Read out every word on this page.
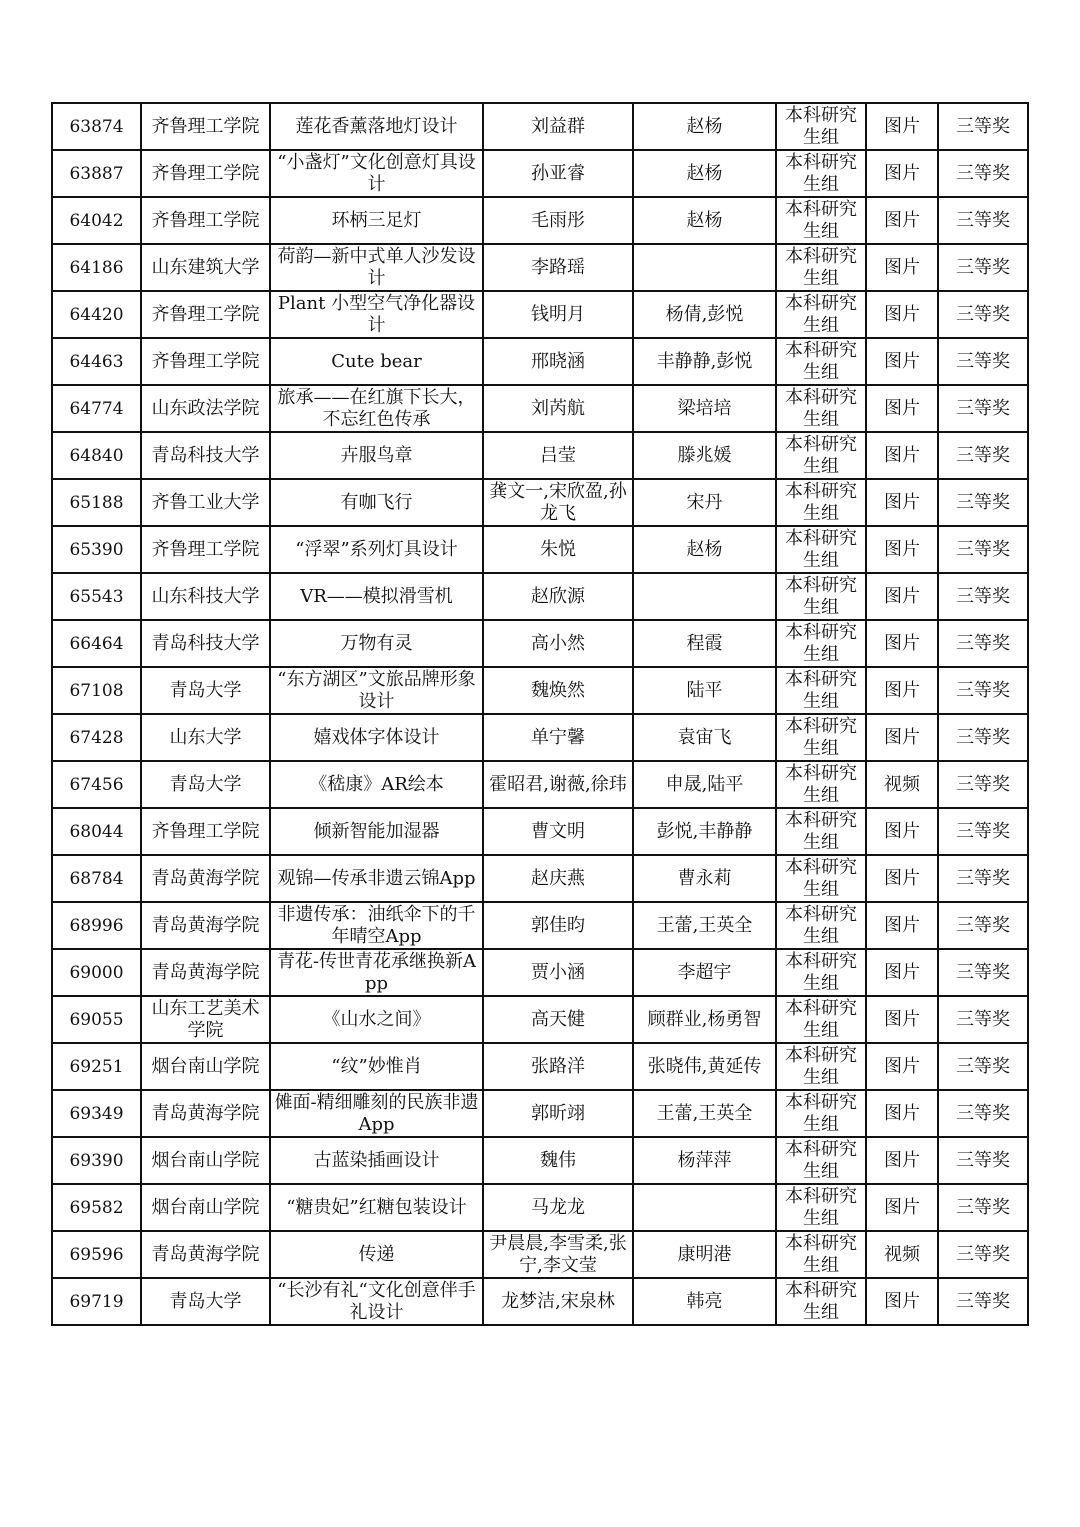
63874	齐鲁理工学院	莲花香薰落地灯设计	刘益群	赵杨	本科研究生组	图片	三等奖
63887	齐鲁理工学院	“小盏灯”文化创意灯具设计	孙亚睿	赵杨	本科研究生组	图片	三等奖
64042	齐鲁理工学院	环柄三足灯	毛雨彤	赵杨	本科研究生组	图片	三等奖
64186	山东建筑大学	荷韵—新中式单人沙发设计	李路瑶		本科研究生组	图片	三等奖
64420	齐鲁理工学院	Plant 小型空气净化器设计	钱明月	杨倩,彭悦	本科研究生组	图片	三等奖
64463	齐鲁理工学院	Cute bear	邢晓涵	丰静静,彭悦	本科研究生组	图片	三等奖
64774	山东政法学院	旅承——在红旗下长大，不忘红色传承	刘芮航	梁培培	本科研究生组	图片	三等奖
64840	青岛科技大学	卉服鸟章	吕莹	滕兆媛	本科研究生组	图片	三等奖
65188	齐鲁工业大学	有咖飞行	龚文一,宋欣盈,孙龙飞	宋丹	本科研究生组	图片	三等奖
65390	齐鲁理工学院	“浮翠”系列灯具设计	朱悦	赵杨	本科研究生组	图片	三等奖
65543	山东科技大学	VR——模拟滑雪机	赵欣源		本科研究生组	图片	三等奖
66464	青岛科技大学	万物有灵	高小然	程霞	本科研究生组	图片	三等奖
67108	青岛大学	“东方湖区”文旅品牌形象设计	魏焕然	陆平	本科研究生组	图片	三等奖
67428	山东大学	嬉戏体字体设计	单宁馨	袁宙飞	本科研究生组	图片	三等奖
67456	青岛大学	《嵇康》AR绘本	霍昭君,谢薇,徐玮	申晟,陆平	本科研究生组	视频	三等奖
68044	齐鲁理工学院	倾新智能加湿器	曹文明	彭悦,丰静静	本科研究生组	图片	三等奖
68784	青岛黄海学院	观锦—传承非遗云锦App	赵庆燕	曹永莉	本科研究生组	图片	三等奖
68996	青岛黄海学院	非遗传承：油纸伞下的千年晴空App	郭佳昀	王蕾,王英全	本科研究生组	图片	三等奖
69000	青岛黄海学院	青花-传世青花承继换新App	贾小涵	李超宇	本科研究生组	图片	三等奖
69055	山东工艺美术学院	《山水之间》	高天健	顾群业,杨勇智	本科研究生组	图片	三等奖
69251	烟台南山学院	“纹”妙惟肖	张路洋	张晓伟,黄延传	本科研究生组	图片	三等奖
69349	青岛黄海学院	傩面-精细雕刻的民族非遗App	郭昕翊	王蕾,王英全	本科研究生组	图片	三等奖
69390	烟台南山学院	古蓝染插画设计	魏伟	杨萍萍	本科研究生组	图片	三等奖
69582	烟台南山学院	“糖贵妃”红糖包装设计	马龙龙		本科研究生组	图片	三等奖
69596	青岛黄海学院	传递	尹晨晨,李雪柔,张宁,李文莹	康明港	本科研究生组	视频	三等奖
69719	青岛大学	“长沙有礼“文化创意伴手礼设计	龙梦洁,宋泉林	韩亮	本科研究生组	图片	三等奖
